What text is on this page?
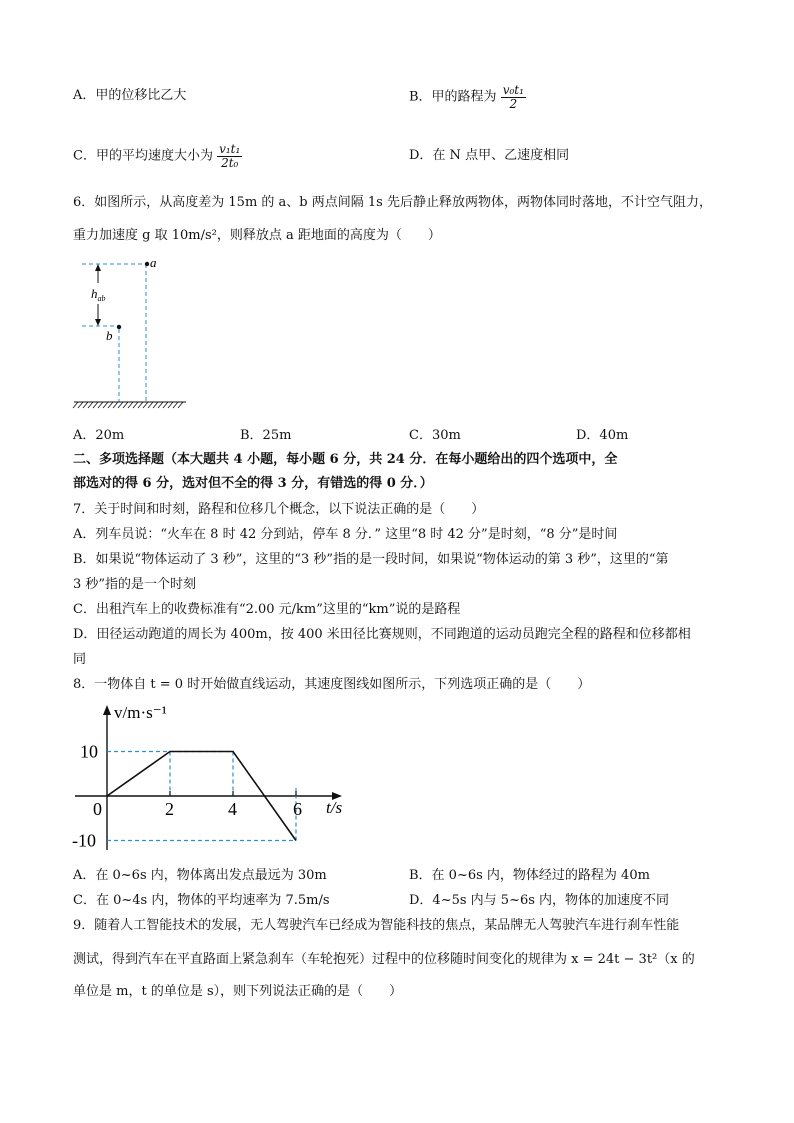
A．甲的位移比乙大	B．甲的路程为 $\frac{\text{v₀t₁}}{2}$
C．甲的平均速度大小为 $\frac{\text{v₁t₁}}{\text{2t₀}}$	D．在 N 点甲、乙速度相同
6．如图所示，从高度差为 15m 的 a、b 两点间隔 1s 先后静止释放两物体，两物体同时落地，不计空气阻力，
重力加速度 g 取 10m/s²，则释放点 a 距地面的高度为（　　）
a
b
$h_{ab}$
A．20m	B．25m	C．30m	D．40m
二、多项选择题（本大题共 4 小题，每小题 6 分，共 24 分．在每小题给出的四个选项中，全
部选对的得 6 分，选对但不全的得 3 分，有错选的得 0 分．）
7．关于时间和时刻，路程和位移几个概念，以下说法正确的是（　　）
A．列车员说：“火车在 8 时 42 分到站，停车 8 分．” 这里“8 时 42 分”是时刻，“8 分”是时间
B．如果说“物体运动了 3 秒”，这里的“3 秒”指的是一段时间，如果说“物体运动的第 3 秒”，这里的“第
3 秒”指的是一个时刻
C．出租汽车上的收费标准有“2.00 元/km”这里的“km”说的是路程
D．田径运动跑道的周长为 400m，按 400 米田径比赛规则，不同跑道的运动员跑完全程的路程和位移都相
同
8．一物体自 t = 0 时开始做直线运动，其速度图线如图所示，下列选项正确的是（　　）
0	2	4	6
10
-10
t/s
v/m·s⁻¹
A．在 0~6s 内，物体离出发点最远为 30m	B．在 0~6s 内，物体经过的路程为 40m
C．在 0~4s 内，物体的平均速率为 7.5m/s	D．4~5s 内与 5~6s 内，物体的加速度不同
9．随着人工智能技术的发展，无人驾驶汽车已经成为智能科技的焦点，某品牌无人驾驶汽车进行刹车性能
测试，得到汽车在平直路面上紧急刹车（车轮抱死）过程中的位移随时间变化的规律为 x = 24t − 3t²（x 的
单位是 m，t 的单位是 s），则下列说法正确的是（　　）
